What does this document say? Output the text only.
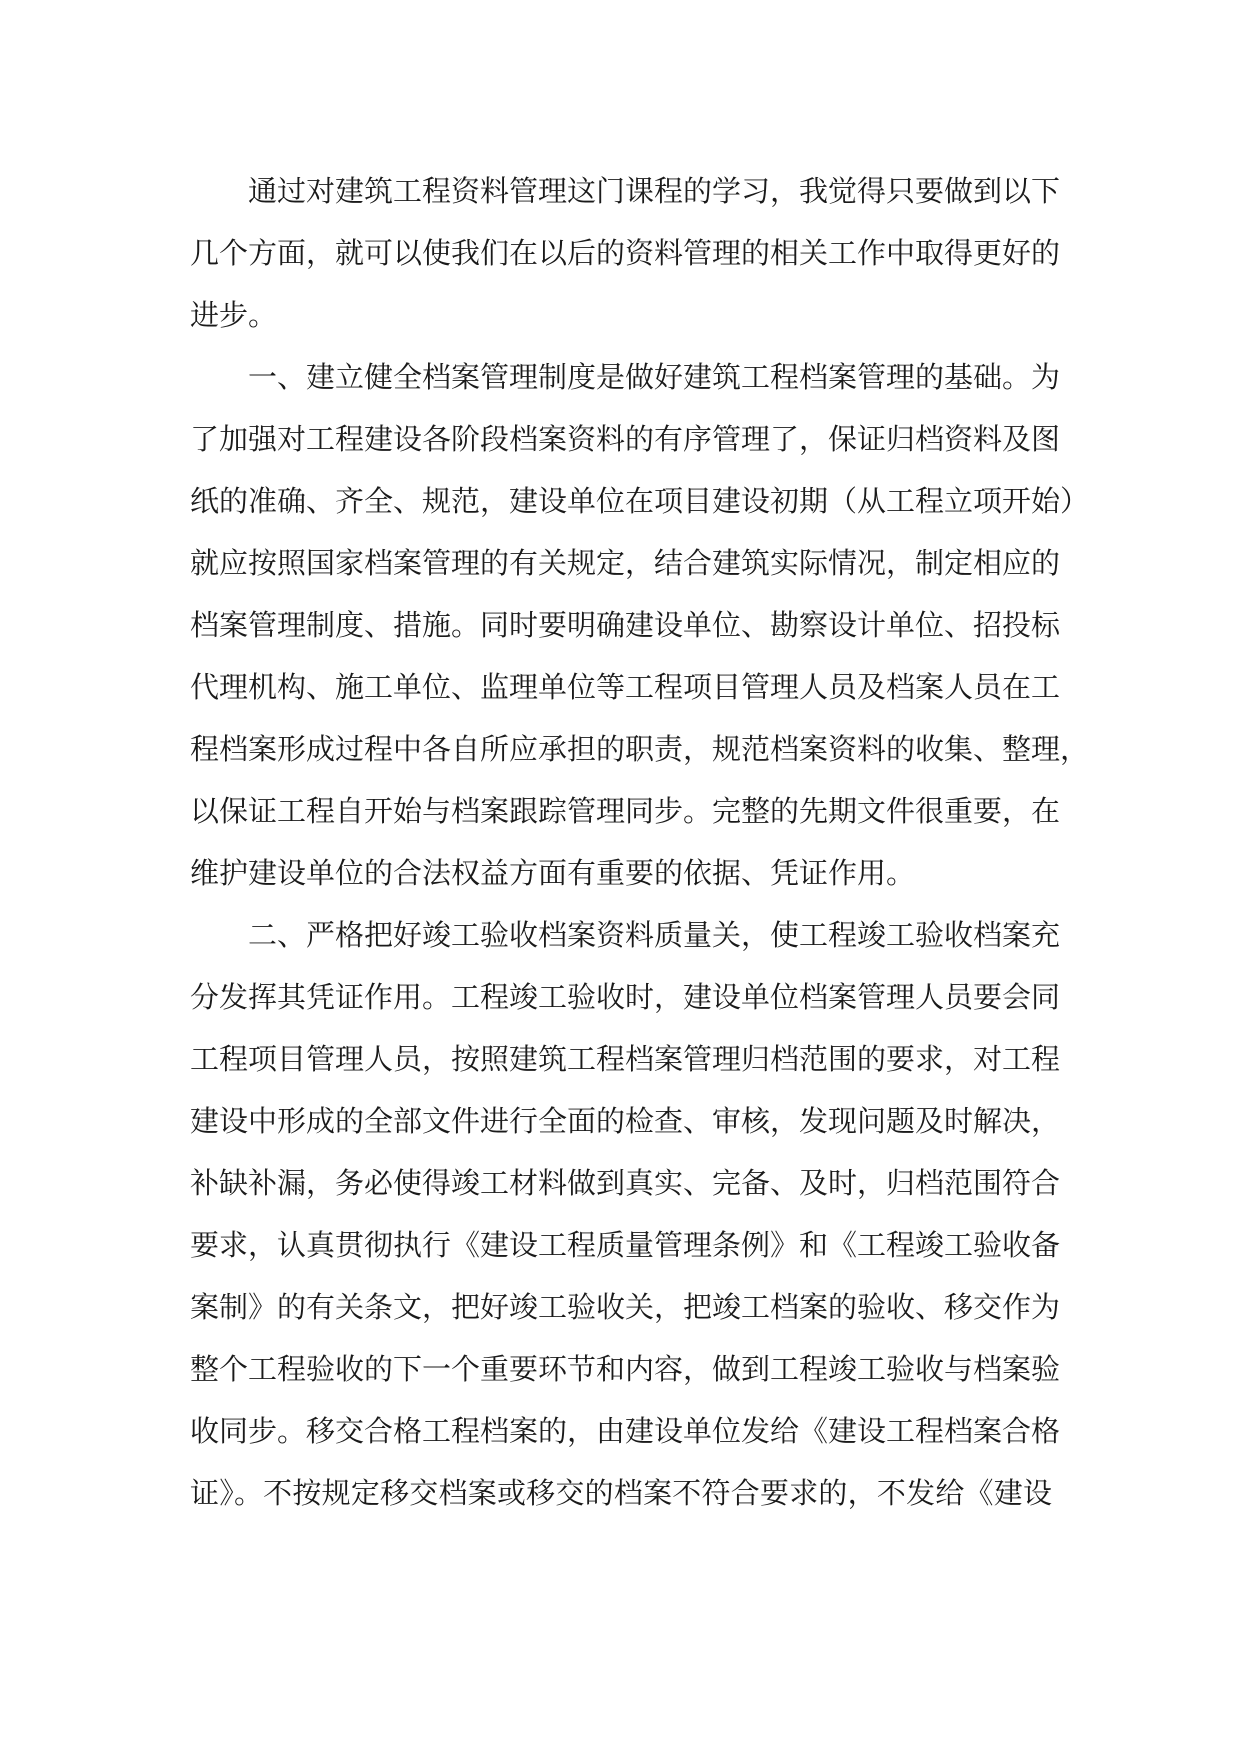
通过对建筑工程资料管理这门课程的学习，我觉得只要做到以下
几个方面，就可以使我们在以后的资料管理的相关工作中取得更好的
进步。
一、建立健全档案管理制度是做好建筑工程档案管理的基础。为
了加强对工程建设各阶段档案资料的有序管理了，保证归档资料及图
纸的准确、齐全、规范，建设单位在项目建设初期（从工程立项开始）
就应按照国家档案管理的有关规定，结合建筑实际情况，制定相应的
档案管理制度、措施。同时要明确建设单位、勘察设计单位、招投标
代理机构、施工单位、监理单位等工程项目管理人员及档案人员在工
程档案形成过程中各自所应承担的职责，规范档案资料的收集、整理，
以保证工程自开始与档案跟踪管理同步。完整的先期文件很重要，在
维护建设单位的合法权益方面有重要的依据、凭证作用。
二、严格把好竣工验收档案资料质量关，使工程竣工验收档案充
分发挥其凭证作用。工程竣工验收时，建设单位档案管理人员要会同
工程项目管理人员，按照建筑工程档案管理归档范围的要求，对工程
建设中形成的全部文件进行全面的检查、审核，发现问题及时解决，
补缺补漏，务必使得竣工材料做到真实、完备、及时，归档范围符合
要求，认真贯彻执行《建设工程质量管理条例》和《工程竣工验收备
案制》的有关条文，把好竣工验收关，把竣工档案的验收、移交作为
整个工程验收的下一个重要环节和内容，做到工程竣工验收与档案验
收同步。移交合格工程档案的，由建设单位发给《建设工程档案合格
证》。不按规定移交档案或移交的档案不符合要求的，不发给《建设
